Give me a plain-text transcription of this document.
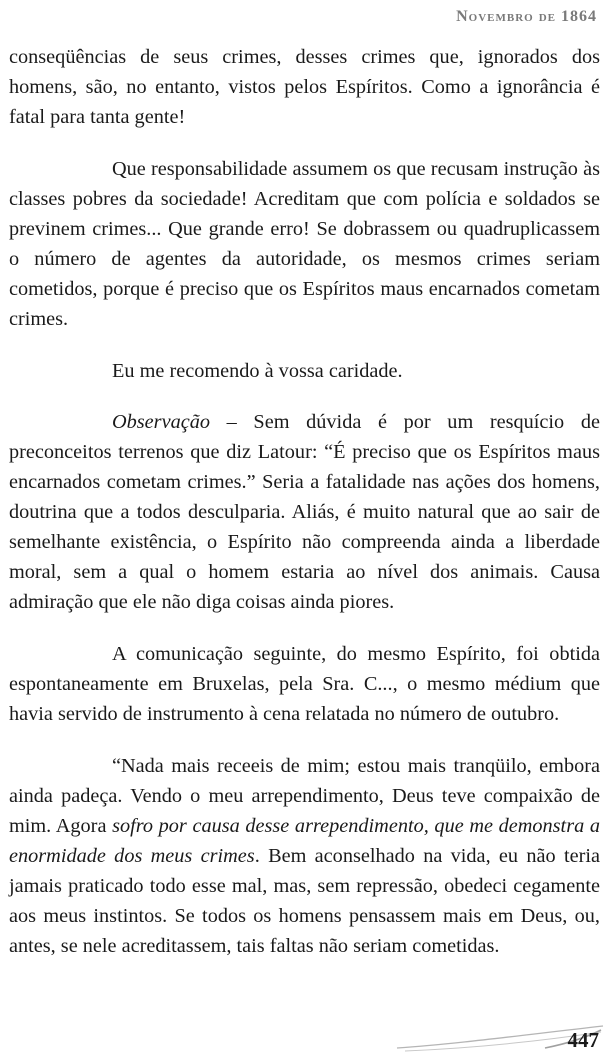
Novembro de 1864

conseqüências de seus crimes, desses crimes que, ignorados dos homens, são, no entanto, vistos pelos Espíritos. Como a ignorância é fatal para tanta gente!

Que responsabilidade assumem os que recusam instrução às classes pobres da sociedade! Acreditam que com polícia e soldados se previnem crimes... Que grande erro! Se dobrassem ou quadruplicassem o número de agentes da autoridade, os mesmos crimes seriam cometidos, porque é preciso que os Espíritos maus encarnados cometam crimes.

Eu me recomendo à vossa caridade.

Observação – Sem dúvida é por um resquício de preconceitos terrenos que diz Latour: “É preciso que os Espíritos maus encarnados cometam crimes.” Seria a fatalidade nas ações dos homens, doutrina que a todos desculparia. Aliás, é muito natural que ao sair de semelhante existência, o Espírito não compreenda ainda a liberdade moral, sem a qual o homem estaria ao nível dos animais. Causa admiração que ele não diga coisas ainda piores.

A comunicação seguinte, do mesmo Espírito, foi obtida espontaneamente em Bruxelas, pela Sra. C..., o mesmo médium que havia servido de instrumento à cena relatada no número de outubro.

“Nada mais receeis de mim; estou mais tranqüilo, embora ainda padeça. Vendo o meu arrependimento, Deus teve compaixão de mim. Agora sofro por causa desse arrependimento, que me demonstra a enormidade dos meus crimes. Bem aconselhado na vida, eu não teria jamais praticado todo esse mal, mas, sem repressão, obedeci cegamente aos meus instintos. Se todos os homens pensassem mais em Deus, ou, antes, se nele acreditassem, tais faltas não seriam cometidas.

447
